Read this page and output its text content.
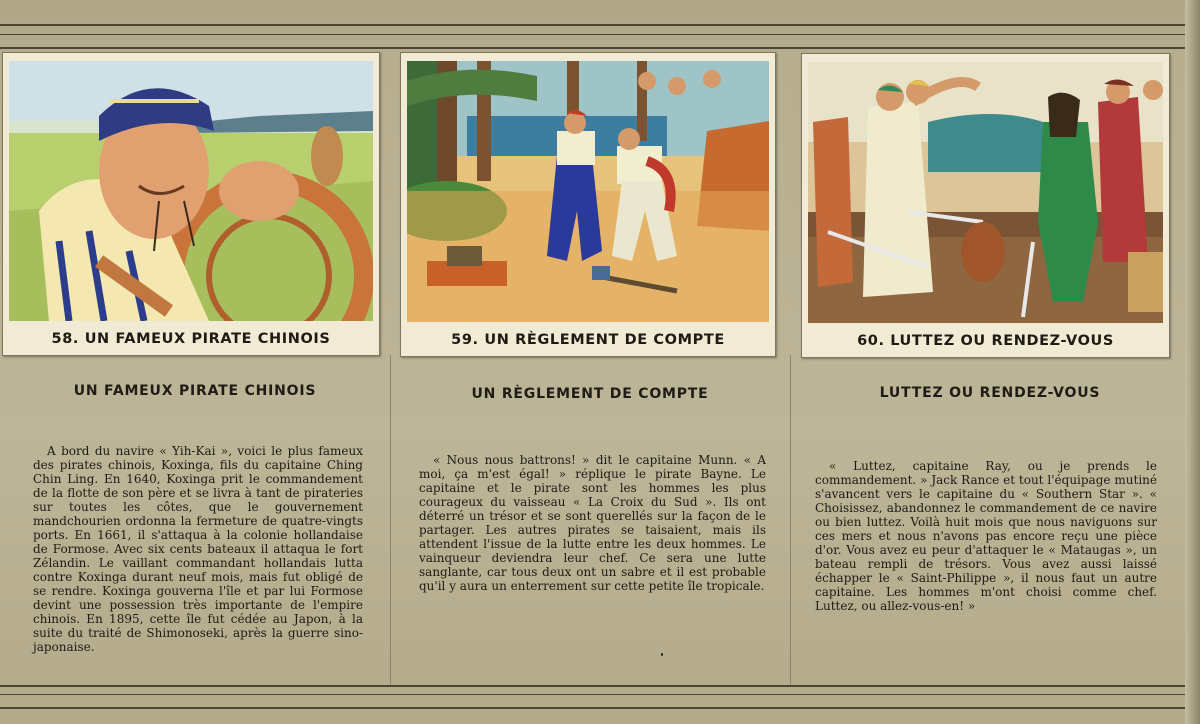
58. UN FAMEUX PIRATE CHINOIS	59. UN RÈGLEMENT DE COMPTE	60. LUTTEZ OU RENDEZ-VOUS
UN FAMEUX PIRATE CHINOIS	UN RÈGLEMENT DE COMPTE	LUTTEZ OU RENDEZ-VOUS

A bord du navire « Yih-Kai », voici le plus fameux des pirates chinois, Koxinga, fils du capitaine Ching Chin Ling. En 1640, Koxinga prit le commandement de la flotte de son père et se livra à tant de pirateries sur toutes les côtes, que le gouvernement mandchourien ordonna la fermeture de quatre-vingts ports. En 1661, il s'attaqua à la colonie hollandaise de Formose. Avec six cents bateaux il attaqua le fort Zélandin. Le vaillant commandant hollandais lutta contre Koxinga durant neuf mois, mais fut obligé de se rendre. Koxinga gouverna l'île et par lui Formose devint une possession très importante de l'empire chinois. En 1895, cette île fut cédée au Japon, à la suite du traité de Shimonoseki, après la guerre sino-japonaise.

« Nous nous battrons! » dit le capitaine Munn. « A moi, ça m'est égal! » réplique le pirate Bayne. Le capitaine et le pirate sont les hommes les plus courageux du vaisseau « La Croix du Sud ». Ils ont déterré un trésor et se sont querellés sur la façon de le partager. Les autres pirates se taisaient, mais ils attendent l'issue de la lutte entre les deux hommes. Le vainqueur deviendra leur chef. Ce sera une lutte sanglante, car tous deux ont un sabre et il est probable qu'il y aura un enterrement sur cette petite île tropicale.

« Luttez, capitaine Ray, ou je prends le commandement. » Jack Rance et tout l'équipage mutiné s'avancent vers le capitaine du « Southern Star ». « Choisissez, abandonnez le commandement de ce navire ou bien luttez. Voilà huit mois que nous naviguons sur ces mers et nous n'avons pas encore reçu une pièce d'or. Vous avez eu peur d'attaquer le « Mataugas », un bateau rempli de trésors. Vous avez aussi laissé échapper le « Saint-Philippe », il nous faut un autre capitaine. Les hommes m'ont choisi comme chef. Luttez, ou allez-vous-en! »
